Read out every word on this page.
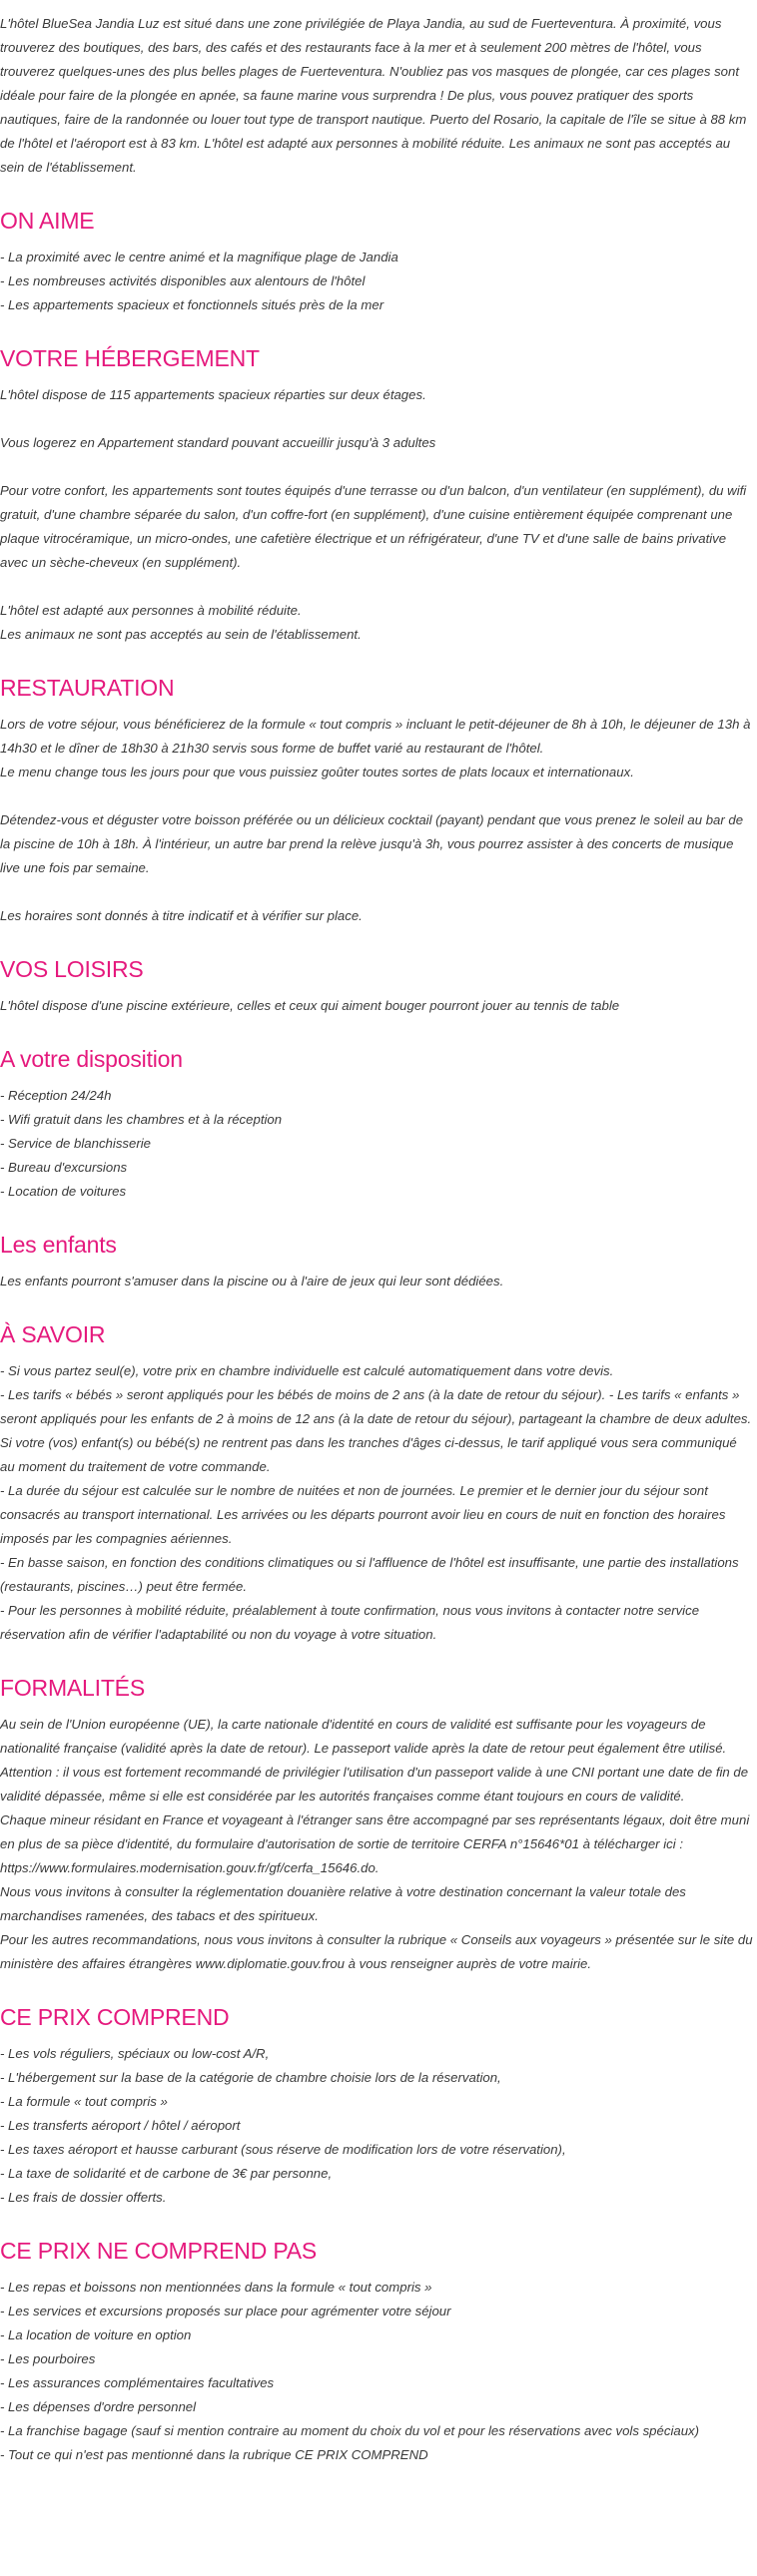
L'hôtel BlueSea Jandia Luz est situé dans une zone privilégiée de Playa Jandia, au sud de Fuerteventura. À proximité, vous trouverez des boutiques, des bars, des cafés et des restaurants face à la mer et à seulement 200 mètres de l'hôtel, vous trouverez quelques-unes des plus belles plages de Fuerteventura. N'oubliez pas vos masques de plongée, car ces plages sont idéale pour faire de la plongée en apnée, sa faune marine vous surprendra ! De plus, vous pouvez pratiquer des sports nautiques, faire de la randonnée ou louer tout type de transport nautique. Puerto del Rosario, la capitale de l'île se situe à 88 km de l'hôtel et l'aéroport est à 83 km. L'hôtel est adapté aux personnes à mobilité réduite. Les animaux ne sont pas acceptés au sein de l'établissement.

ON AIME
- La proximité avec le centre animé et la magnifique plage de Jandia
- Les nombreuses activités disponibles aux alentours de l'hôtel
- Les appartements spacieux et fonctionnels situés près de la mer
VOTRE HÉBERGEMENT

L'hôtel dispose de 115 appartements spacieux réparties sur deux étages.

Vous logerez en Appartement standard pouvant accueillir jusqu'à 3 adultes

Pour votre confort, les appartements sont toutes équipés d'une terrasse ou d'un balcon, d'un ventilateur (en supplément), du wifi gratuit, d'une chambre séparée du salon, d'un coffre-fort (en supplément), d'une cuisine entièrement équipée comprenant une plaque vitrocéramique, un micro-ondes, une cafetière électrique et un réfrigérateur, d'une TV et d'une salle de bains privative avec un sèche-cheveux (en supplément).

L'hôtel est adapté aux personnes à mobilité réduite.

Les animaux ne sont pas acceptés au sein de l'établissement.

RESTAURATION

Lors de votre séjour, vous bénéficierez de la formule « tout compris » incluant le petit-déjeuner de 8h à 10h, le déjeuner de 13h à 14h30 et le dîner de 18h30 à 21h30 servis sous forme de buffet varié au restaurant de l'hôtel.

Le menu change tous les jours pour que vous puissiez goûter toutes sortes de plats locaux et internationaux.

Détendez-vous et déguster votre boisson préférée ou un délicieux cocktail (payant) pendant que vous prenez le soleil au bar de la piscine de 10h à 18h. À l'intérieur, un autre bar prend la relève jusqu'à 3h, vous pourrez assister à des concerts de musique live une fois par semaine.

Les horaires sont donnés à titre indicatif et à vérifier sur place.

VOS LOISIRS

L'hôtel dispose d'une piscine extérieure, celles et ceux qui aiment bouger pourront jouer au tennis de table

A votre disposition
- Réception 24/24h
- Wifi gratuit dans les chambres et à la réception
- Service de blanchisserie
- Bureau d'excursions
- Location de voitures
Les enfants

Les enfants pourront s'amuser dans la piscine ou à l'aire de jeux qui leur sont dédiées.

À SAVOIR

- Si vous partez seul(e), votre prix en chambre individuelle est calculé automatiquement dans votre devis.

- Les tarifs « bébés » seront appliqués pour les bébés de moins de 2 ans (à la date de retour du séjour). - Les tarifs « enfants » seront appliqués pour les enfants de 2 à moins de 12 ans (à la date de retour du séjour), partageant la chambre de deux adultes.

Si votre (vos) enfant(s) ou bébé(s) ne rentrent pas dans les tranches d'âges ci-dessus, le tarif appliqué vous sera communiqué au moment du traitement de votre commande.

- La durée du séjour est calculée sur le nombre de nuitées et non de journées. Le premier et le dernier jour du séjour sont consacrés au transport international. Les arrivées ou les départs pourront avoir lieu en cours de nuit en fonction des horaires imposés par les compagnies aériennes.

- En basse saison, en fonction des conditions climatiques ou si l'affluence de l'hôtel est insuffisante, une partie des installations (restaurants, piscines…) peut être fermée.

- Pour les personnes à mobilité réduite, préalablement à toute confirmation, nous vous invitons à contacter notre service réservation afin de vérifier l'adaptabilité ou non du voyage à votre situation.

FORMALITÉS

Au sein de l'Union européenne (UE), la carte nationale d'identité en cours de validité est suffisante pour les voyageurs de nationalité française (validité après la date de retour). Le passeport valide après la date de retour peut également être utilisé. Attention : il vous est fortement recommandé de privilégier l'utilisation d'un passeport valide à une CNI portant une date de fin de validité dépassée, même si elle est considérée par les autorités françaises comme étant toujours en cours de validité.

Chaque mineur résidant en France et voyageant à l'étranger sans être accompagné par ses représentants légaux, doit être muni en plus de sa pièce d'identité, du formulaire d'autorisation de sortie de territoire CERFA n°15646*01 à télécharger ici :

https://www.formulaires.modernisation.gouv.fr/gf/cerfa_15646.do.

Nous vous invitons à consulter la réglementation douanière relative à votre destination concernant la valeur totale des marchandises ramenées, des tabacs et des spiritueux.

Pour les autres recommandations, nous vous invitons à consulter la rubrique « Conseils aux voyageurs » présentée sur le site du ministère des affaires étrangères www.diplomatie.gouv.frou à vous renseigner auprès de votre mairie.

CE PRIX COMPREND
- Les vols réguliers, spéciaux ou low-cost A/R,
- L'hébergement sur la base de la catégorie de chambre choisie lors de la réservation,
- La formule « tout compris »
- Les transferts aéroport / hôtel / aéroport
- Les taxes aéroport et hausse carburant (sous réserve de modification lors de votre réservation),
- La taxe de solidarité et de carbone de 3€ par personne,
- Les frais de dossier offerts.
CE PRIX NE COMPREND PAS
- Les repas et boissons non mentionnées dans la formule « tout compris »
- Les services et excursions proposés sur place pour agrémenter votre séjour
- La location de voiture en option
- Les pourboires
- Les assurances complémentaires facultatives
- Les dépenses d'ordre personnel
- La franchise bagage (sauf si mention contraire au moment du choix du vol et pour les réservations avec vols spéciaux)
- Tout ce qui n'est pas mentionné dans la rubrique CE PRIX COMPREND
